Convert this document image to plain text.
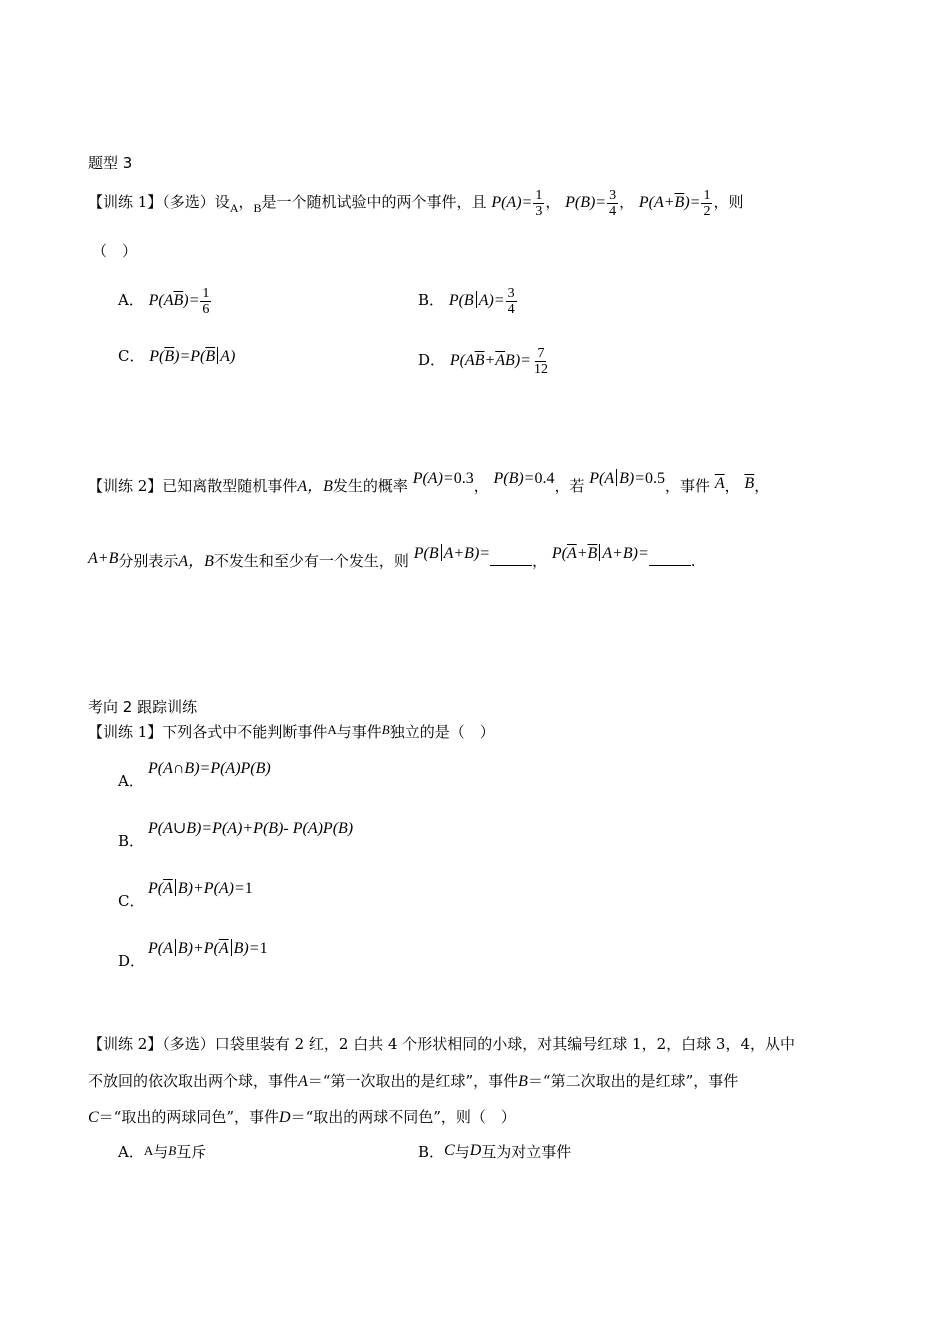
题型 3
【训练 1】（多选）设$_A$，$_B$是一个随机试验中的两个事件，且 $P(A)= \frac{1}{3}$ ， $P(B)= \frac{3}{4}$ ， $P(A+\overline{B})= \frac{1}{2}$ ，则
（　）
A． $P(A\overline{B})= \frac{1}{6}$	B． P(B $A)= \frac{3}{4}$
C． $P(\overline{B})=P(\overline{B}$ A)	D． $P(A\overline{B}+\overline{A}B)= \frac{7}{12}$
【训练 2】已知离散型随机事件A，B发生的概率 P(A)=0.3， P(B)=0.4，若 P(A B)=0.5，事件 $\overline{A}$， $\overline{B}$，
A+B分别表示A，B不发生和至少有一个发生，则 P(B A+B)=	， $P(\overline{A}+\overline{B}$ A+B)=	.
考向 2 跟踪训练
【训练 1】下列各式中不能判断事件A与事件B独立的是（　）
P(A∩B)=P(A)P(B)
A．
P(A∪B)=P(A)+P(B)- P(A)P(B)
B．
$P(\overline{A}$ B)+P(A)=1
C．
P(A $B)+P(\overline{A}$ B)=1
D．
【训练 2】（多选）口袋里装有 2 红，2 白共 4 个形状相同的小球，对其编号红球 1，2，白球 3，4，从中
不放回的依次取出两个球，事件A＝“第一次取出的是红球”，事件B＝“第二次取出的是红球”，事件
C＝“取出的两球同色”，事件D＝“取出的两球不同色”，则（　）
A．A与B互斥	B．C与D互为对立事件
